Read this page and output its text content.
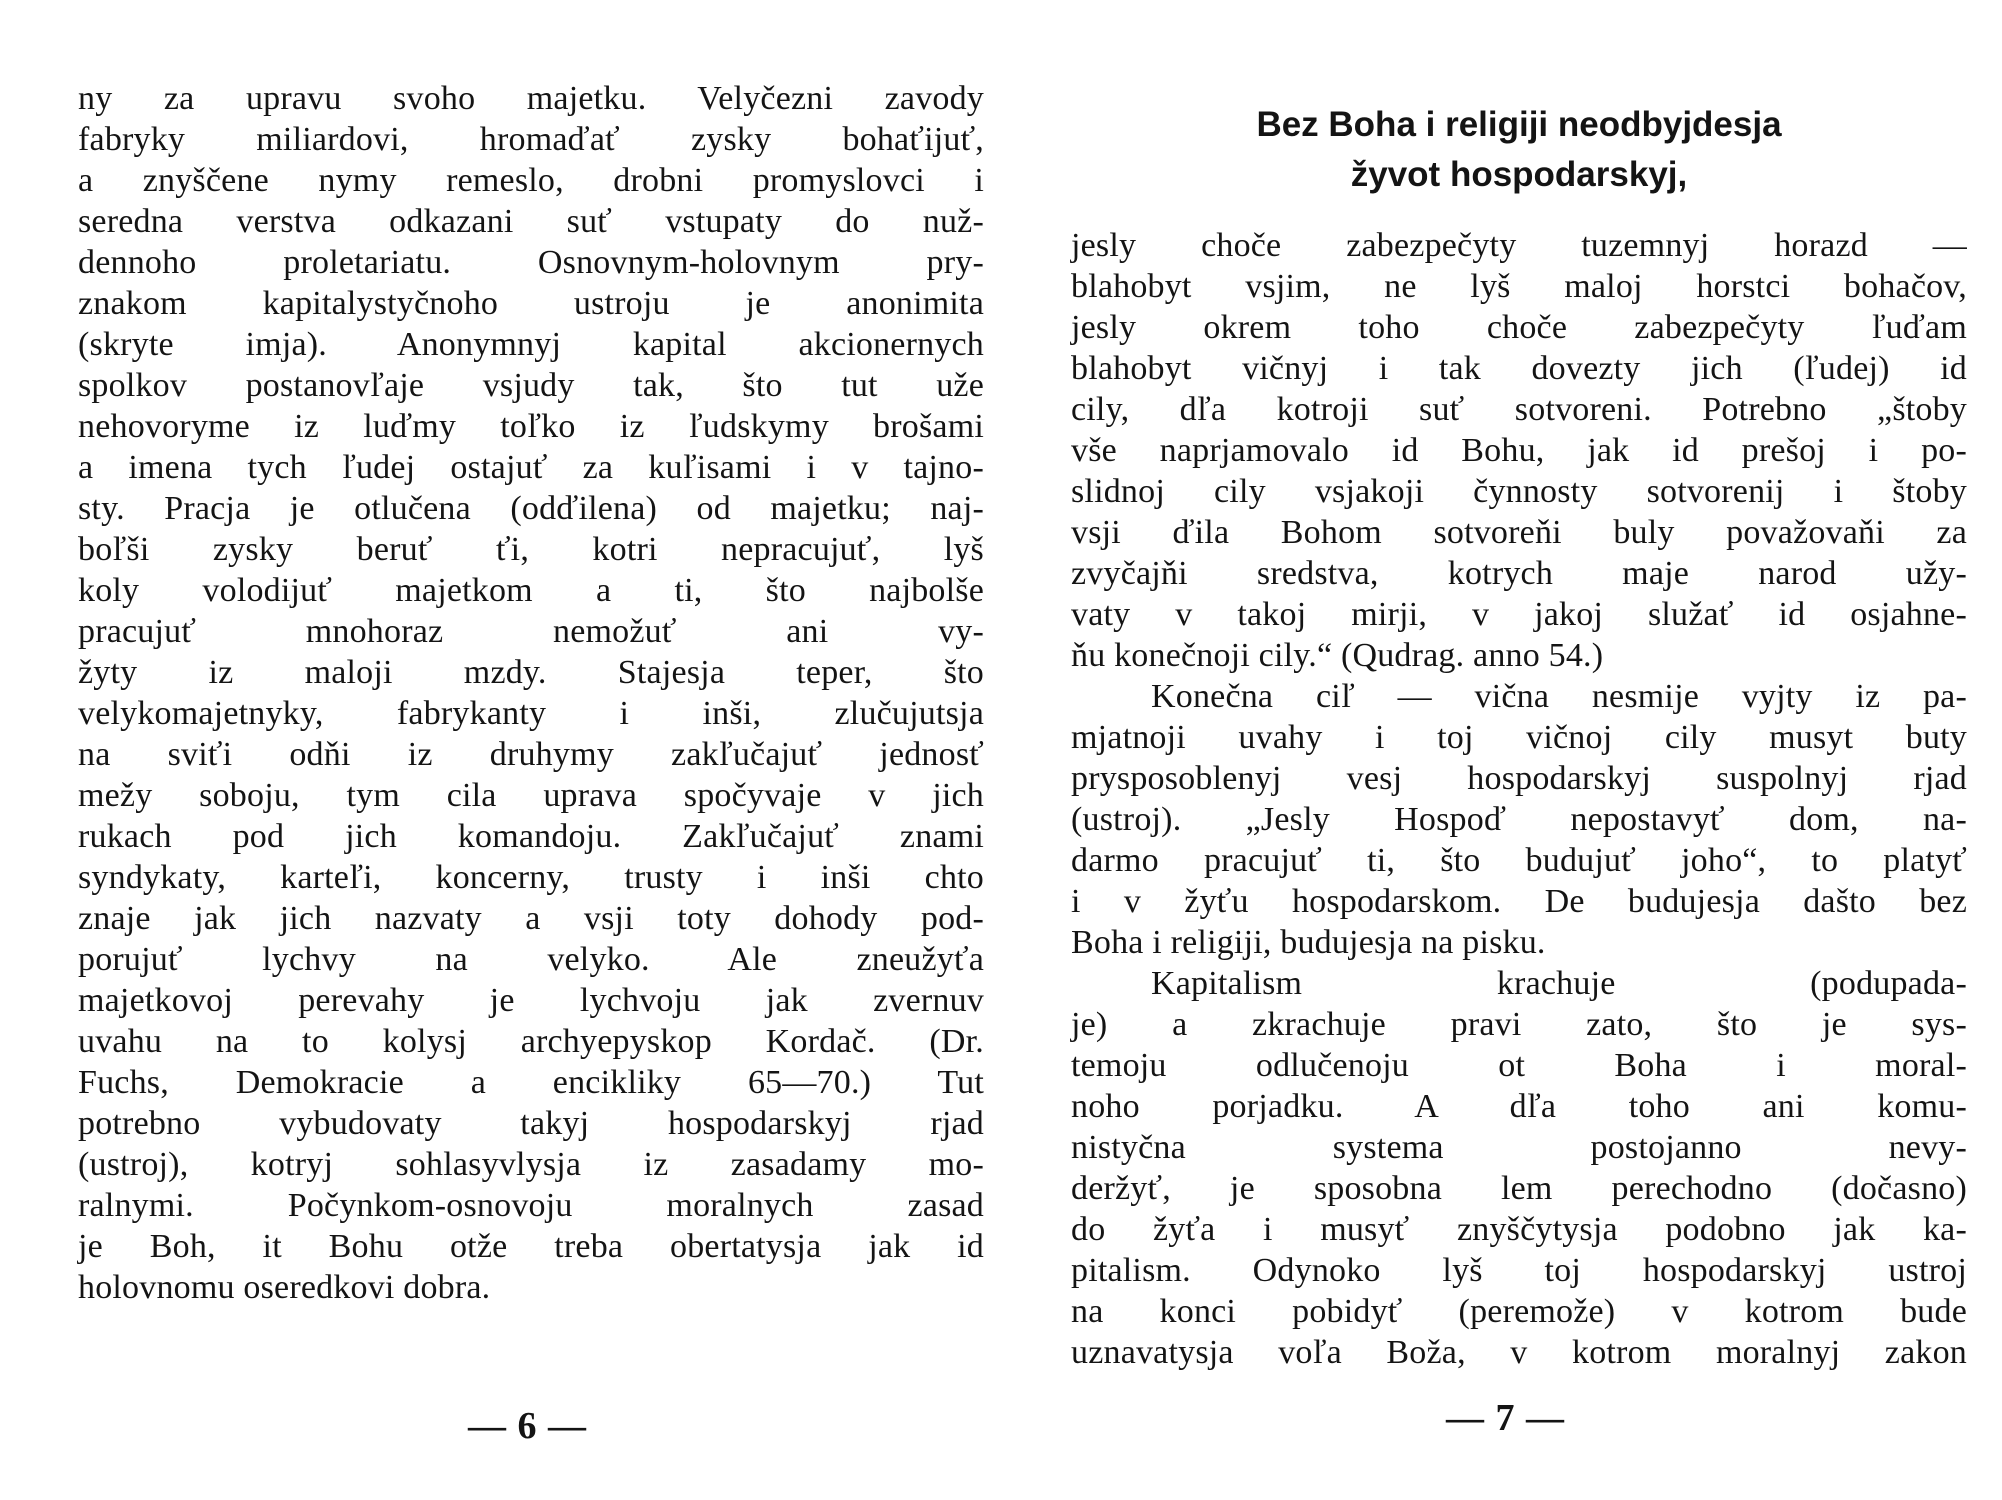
ny za upravu svoho majetku. Velyčezni zavody
fabryky miliardovi, hromaďať zysky bohaťijuť,
a znyščene nymy remeslo, drobni promyslovci i
seredna verstva odkazani suť vstupaty do nuž-
dennoho proletariatu. Osnovnym-holovnym pry-
znakom kapitalystyčnoho ustroju je anonimita
(skryte imja). Anonymnyj kapital akcionernych
spolkov postanovľaje vsjudy tak, što tut uže
nehovoryme iz luďmy toľko iz ľudskymy brošami
a imena tych ľudej ostajuť za kuľisami i v tajno-
sty. Pracja je otlučena (odďilena) od majetku; naj-
boľši zysky beruť ťi, kotri nepracujuť, lyš
koly volodijuť majetkom a ti, što najbolše
pracujuť mnohoraz nemožuť ani vy-
žyty iz maloji mzdy. Stajesja teper, što
velykomajetnyky, fabrykanty i inši, zlučujutsja
na sviťi odňi iz druhymy zakľučajuť jednosť
mežy soboju, tym cila uprava spočyvaje v jich
rukach pod jich komandoju. Zakľučajuť znami
syndykaty, karteľi, koncerny, trusty i inši chto
znaje jak jich nazvaty a vsji toty dohody pod-
porujuť lychvy na velyko. Ale zneužyťa
majetkovoj perevahy je lychvoju jak zvernuv
uvahu na to kolysj archyepyskop Kordač. (Dr.
Fuchs, Demokracie a encikliky 65—70.) Tut
potrebno vybudovaty takyj hospodarskyj rjad
(ustroj), kotryj sohlasyvlysja iz zasadamy mo-
ralnymi. Počynkom-osnovoju moralnych zasad
je Boh, it Bohu otže treba obertatysja jak id
holovnomu oseredkovi dobra.
— 6 —
Bez Boha i religiji neodbyjdesja
žyvot hospodarskyj,
jesly choče zabezpečyty tuzemnyj horazd —
blahobyt vsjim, ne lyš maloj horstci bohačov,
jesly okrem toho choče zabezpečyty ľuďam
blahobyt vičnyj i tak dovezty jich (ľudej) id
cily, dľa kotroji suť sotvoreni. Potrebno „štoby
vše naprjamovalo id Bohu, jak id prešoj i po-
slidnoj cily vsjakoji čynnosty sotvorenij i štoby
vsji ďila Bohom sotvoreňi buly považovaňi za
zvyčajňi sredstva, kotrych maje narod užy-
vaty v takoj mirji, v jakoj služať id osjahne-
ňu konečnoji cily.“ (Qudrag. anno 54.)
Konečna ciľ — vična nesmije vyjty iz pa-
mjatnoji uvahy i toj vičnoj cily musyt buty
prysposoblenyj vesj hospodarskyj suspolnyj rjad
(ustroj). „Jesly Hospoď nepostavyť dom, na-
darmo pracujuť ti, što budujuť joho“, to platyť
i v žyťu hospodarskom. De budujesja dašto bez
Boha i religiji, budujesja na pisku.
Kapitalism krachuje (podupada-
je) a zkrachuje pravi zato, što je sys-
temoju odlučenoju ot Boha i moral-
noho porjadku. A dľa toho ani komu-
nistyčna systema postojanno nevy-
deržyť, je sposobna lem perechodno (dočasno)
do žyťa i musyť znyščytysja podobno jak ka-
pitalism. Odynoko lyš toj hospodarskyj ustroj
na konci pobidyť (peremože) v kotrom bude
uznavatysja voľa Boža, v kotrom moralnyj zakon
— 7 —
